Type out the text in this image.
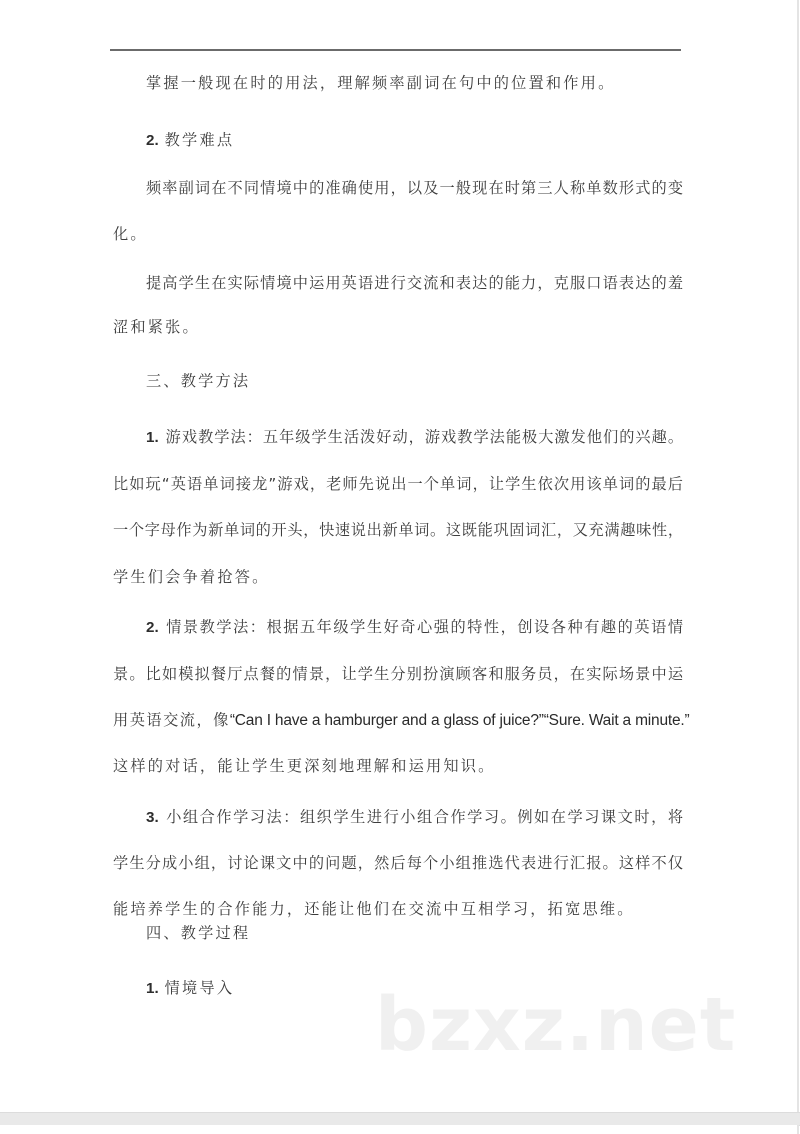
掌握一般现在时的用法，理解频率副词在句中的位置和作用。
2. 教学难点
频率副词在不同情境中的准确使用，以及一般现在时第三人称单数形式的变
化。
提高学生在实际情境中运用英语进行交流和表达的能力，克服口语表达的羞
涩和紧张。
三、教学方法
1. 游戏教学法：五年级学生活泼好动，游戏教学法能极大激发他们的兴趣。
比如玩“英语单词接龙”游戏，老师先说出一个单词，让学生依次用该单词的最后
一个字母作为新单词的开头，快速说出新单词。这既能巩固词汇，又充满趣味性，
学生们会争着抢答。
2. 情景教学法：根据五年级学生好奇心强的特性，创设各种有趣的英语情
景。比如模拟餐厅点餐的情景，让学生分别扮演顾客和服务员，在实际场景中运
用英语交流，像“Can I have a hamburger and a glass of juice?”“Sure. Wait a minute.”
这样的对话，能让学生更深刻地理解和运用知识。
3. 小组合作学习法：组织学生进行小组合作学习。例如在学习课文时，将
学生分成小组，讨论课文中的问题，然后每个小组推选代表进行汇报。这样不仅
能培养学生的合作能力，还能让他们在交流中互相学习，拓宽思维。
四、教学过程
1. 情境导入	bzxz.net
